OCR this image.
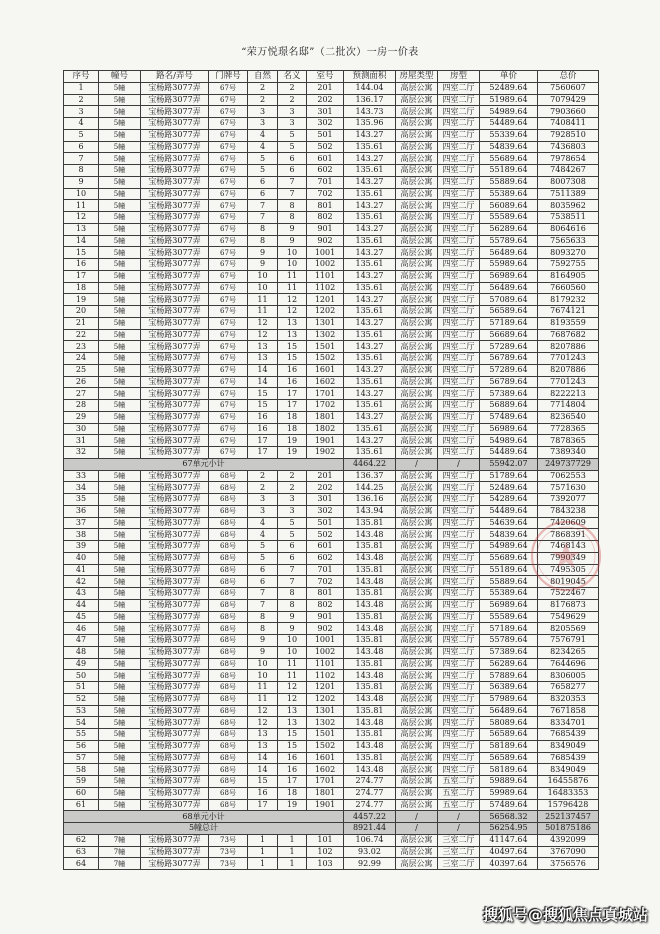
“荣万悦璟名邸”（二批次）一房一价表
序号	幢号	路名/弄号	门牌号	自然	名义	室号	预测面积	房屋类型	房型	单价	总价
1	5幢	宝杨路3077弄	67号	2	2	201	144.04	高层公寓	四室二厅	52489.64	7560607
2	5幢	宝杨路3077弄	67号	2	2	202	136.17	高层公寓	四室二厅	51989.64	7079429
3	5幢	宝杨路3077弄	67号	3	3	301	143.73	高层公寓	四室二厅	54989.64	7903660
4	5幢	宝杨路3077弄	67号	3	3	302	135.96	高层公寓	四室二厅	54489.64	7408411
5	5幢	宝杨路3077弄	67号	4	5	501	143.27	高层公寓	四室二厅	55339.64	7928510
6	5幢	宝杨路3077弄	67号	4	5	502	135.61	高层公寓	四室二厅	54839.64	7436803
7	5幢	宝杨路3077弄	67号	5	6	601	143.27	高层公寓	四室二厅	55689.64	7978654
8	5幢	宝杨路3077弄	67号	5	6	602	135.61	高层公寓	四室二厅	55189.64	7484267
9	5幢	宝杨路3077弄	67号	6	7	701	143.27	高层公寓	四室二厅	55889.64	8007308
10	5幢	宝杨路3077弄	67号	6	7	702	135.61	高层公寓	四室二厅	55389.64	7511389
11	5幢	宝杨路3077弄	67号	7	8	801	143.27	高层公寓	四室二厅	56089.64	8035962
12	5幢	宝杨路3077弄	67号	7	8	802	135.61	高层公寓	四室二厅	55589.64	7538511
13	5幢	宝杨路3077弄	67号	8	9	901	143.27	高层公寓	四室二厅	56289.64	8064616
14	5幢	宝杨路3077弄	67号	8	9	902	135.61	高层公寓	四室二厅	55789.64	7565633
15	5幢	宝杨路3077弄	67号	9	10	1001	143.27	高层公寓	四室二厅	56489.64	8093270
16	5幢	宝杨路3077弄	67号	9	10	1002	135.61	高层公寓	四室二厅	55989.64	7592755
17	5幢	宝杨路3077弄	67号	10	11	1101	143.27	高层公寓	四室二厅	56989.64	8164905
18	5幢	宝杨路3077弄	67号	10	11	1102	135.61	高层公寓	四室二厅	56489.64	7660560
19	5幢	宝杨路3077弄	67号	11	12	1201	143.27	高层公寓	四室二厅	57089.64	8179232
20	5幢	宝杨路3077弄	67号	11	12	1202	135.61	高层公寓	四室二厅	56589.64	7674121
21	5幢	宝杨路3077弄	67号	12	13	1301	143.27	高层公寓	四室二厅	57189.64	8193559
22	5幢	宝杨路3077弄	67号	12	13	1302	135.61	高层公寓	四室二厅	56689.64	7687682
23	5幢	宝杨路3077弄	67号	13	15	1501	143.27	高层公寓	四室二厅	57289.64	8207886
24	5幢	宝杨路3077弄	67号	13	15	1502	135.61	高层公寓	四室二厅	56789.64	7701243
25	5幢	宝杨路3077弄	67号	14	16	1601	143.27	高层公寓	四室二厅	57289.64	8207886
26	5幢	宝杨路3077弄	67号	14	16	1602	135.61	高层公寓	四室二厅	56789.64	7701243
27	5幢	宝杨路3077弄	67号	15	17	1701	143.27	高层公寓	四室二厅	57389.64	8222213
28	5幢	宝杨路3077弄	67号	15	17	1702	135.61	高层公寓	四室二厅	56889.64	7714804
29	5幢	宝杨路3077弄	67号	16	18	1801	143.27	高层公寓	四室二厅	57489.64	8236540
30	5幢	宝杨路3077弄	67号	16	18	1802	135.61	高层公寓	四室二厅	56989.64	7728365
31	5幢	宝杨路3077弄	67号	17	19	1901	143.27	高层公寓	四室二厅	54989.64	7878365
32	5幢	宝杨路3077弄	67号	17	19	1902	135.61	高层公寓	四室二厅	54489.64	7389340
67单元小计							4464.22	/	/	55942.07	249737729
33	5幢	宝杨路3077弄	68号	2	2	201	136.37	高层公寓	四室二厅	51789.64	7062553
34	5幢	宝杨路3077弄	68号	2	2	202	144.25	高层公寓	四室二厅	52489.64	7571630
35	5幢	宝杨路3077弄	68号	3	3	301	136.16	高层公寓	四室二厅	54289.64	7392077
36	5幢	宝杨路3077弄	68号	3	3	302	143.94	高层公寓	四室二厅	54489.64	7843238
37	5幢	宝杨路3077弄	68号	4	5	501	135.81	高层公寓	四室二厅	54639.64	7420609
38	5幢	宝杨路3077弄	68号	4	5	502	143.48	高层公寓	四室二厅	54839.64	7868391
39	5幢	宝杨路3077弄	68号	5	6	601	135.81	高层公寓	四室二厅	54989.64	7468143
40	5幢	宝杨路3077弄	68号	5	6	602	143.48	高层公寓	四室二厅	55689.64	7990349
41	5幢	宝杨路3077弄	68号	6	7	701	135.81	高层公寓	四室二厅	55189.64	7495305
42	5幢	宝杨路3077弄	68号	6	7	702	143.48	高层公寓	四室二厅	55889.64	8019045
43	5幢	宝杨路3077弄	68号	7	8	801	135.81	高层公寓	四室二厅	55389.64	7522467
44	5幢	宝杨路3077弄	68号	7	8	802	143.48	高层公寓	四室二厅	56989.64	8176873
45	5幢	宝杨路3077弄	68号	8	9	901	135.81	高层公寓	四室二厅	55589.64	7549629
46	5幢	宝杨路3077弄	68号	8	9	902	143.48	高层公寓	四室二厅	57189.64	8205569
47	5幢	宝杨路3077弄	68号	9	10	1001	135.81	高层公寓	四室二厅	55789.64	7576791
48	5幢	宝杨路3077弄	68号	9	10	1002	143.48	高层公寓	四室二厅	57389.64	8234265
49	5幢	宝杨路3077弄	68号	10	11	1101	135.81	高层公寓	四室二厅	56289.64	7644696
50	5幢	宝杨路3077弄	68号	10	11	1102	143.48	高层公寓	四室二厅	57889.64	8306005
51	5幢	宝杨路3077弄	68号	11	12	1201	135.81	高层公寓	四室二厅	56389.64	7658277
52	5幢	宝杨路3077弄	68号	11	12	1202	143.48	高层公寓	四室二厅	57989.64	8320353
53	5幢	宝杨路3077弄	68号	12	13	1301	135.81	高层公寓	四室二厅	56489.64	7671858
54	5幢	宝杨路3077弄	68号	12	13	1302	143.48	高层公寓	四室二厅	58089.64	8334701
55	5幢	宝杨路3077弄	68号	13	15	1501	135.81	高层公寓	四室二厅	56589.64	7685439
56	5幢	宝杨路3077弄	68号	13	15	1502	143.48	高层公寓	四室二厅	58189.64	8349049
57	5幢	宝杨路3077弄	68号	14	16	1601	135.81	高层公寓	四室二厅	56589.64	7685439
58	5幢	宝杨路3077弄	68号	14	16	1602	143.48	高层公寓	四室二厅	58189.64	8349049
59	5幢	宝杨路3077弄	68号	15	17	1701	274.77	高层公寓	五室二厅	59889.64	16455876
60	5幢	宝杨路3077弄	68号	16	18	1801	274.77	高层公寓	五室二厅	59989.64	16483353
61	5幢	宝杨路3077弄	68号	17	19	1901	274.77	高层公寓	五室二厅	57489.64	15796428
68单元小计							4457.22	/	/	56568.32	252137457
5幢总计							8921.44	/	/	56254.95	501875186
62	7幢	宝杨路3077弄	73号	1	1	101	106.74	高层公寓	三室二厅	41147.64	4392099
63	7幢	宝杨路3077弄	73号	1	1	102	93.02	高层公寓	三室二厅	40497.64	3767090
64	7幢	宝杨路3077弄	73号	1	1	103	92.99	高层公寓	三室二厅	40397.64	3756576
搜狐号@搜狐焦点真城站
